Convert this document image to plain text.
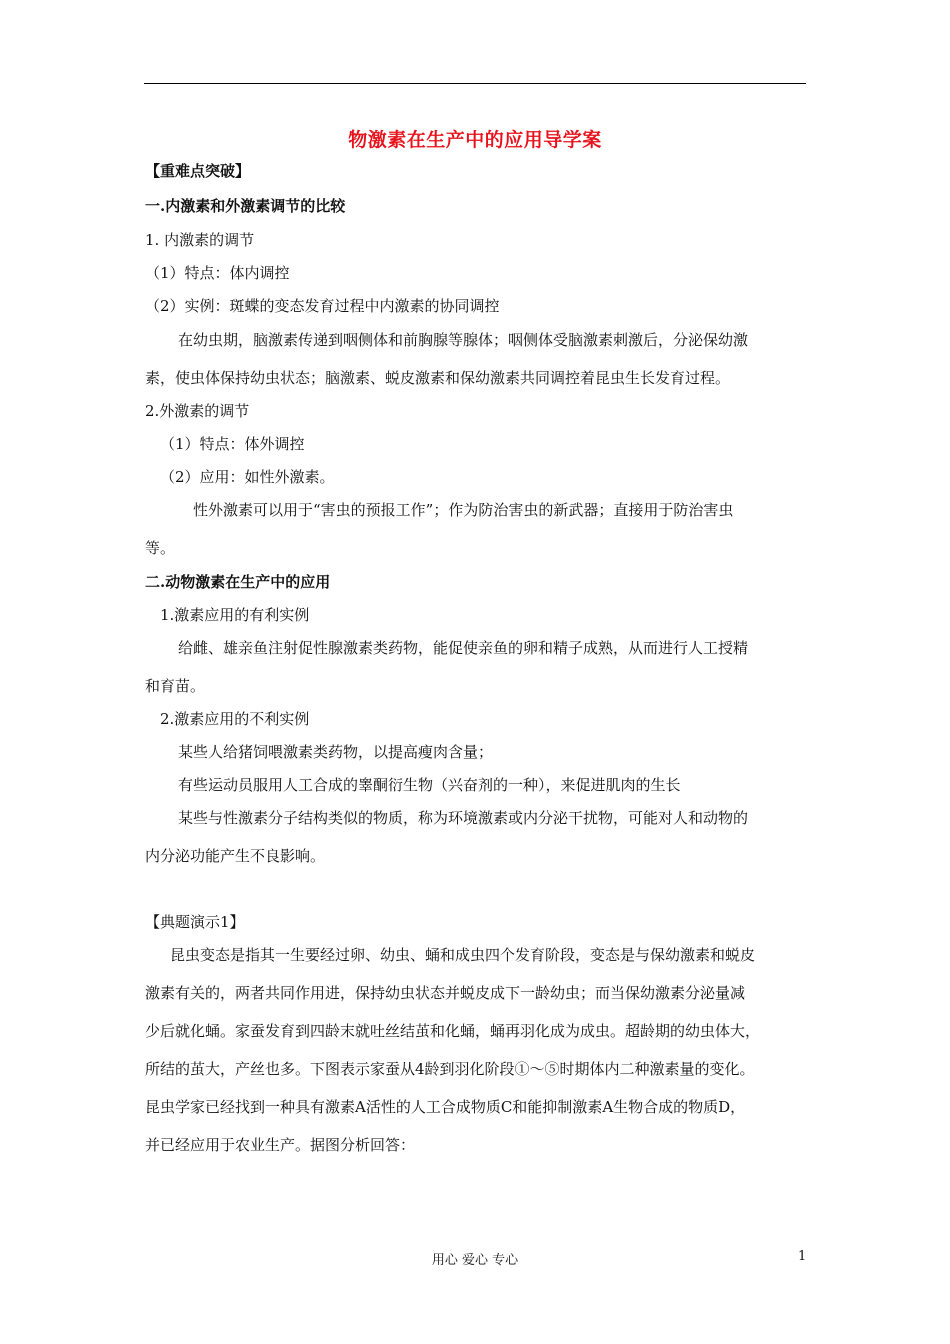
物激素在生产中的应用导学案
【重难点突破】
一.内激素和外激素调节的比较
1. 内激素的调节
（1）特点：体内调控
（2）实例：斑蝶的变态发育过程中内激素的协同调控
在幼虫期，脑激素传递到咽侧体和前胸腺等腺体；咽侧体受脑激素刺激后，分泌保幼激
素，使虫体保持幼虫状态；脑激素、蜕皮激素和保幼激素共同调控着昆虫生长发育过程。
2.外激素的调节
（1）特点：体外调控
（2）应用：如性外激素。
性外激素可以用于“害虫的预报工作”；作为防治害虫的新武器；直接用于防治害虫
等。
二.动物激素在生产中的应用
1.激素应用的有利实例
给雌、雄亲鱼注射促性腺激素类药物，能促使亲鱼的卵和精子成熟，从而进行人工授精
和育苗。
2.激素应用的不利实例
某些人给猪饲喂激素类药物，以提高瘦肉含量；
有些运动员服用人工合成的睾酮衍生物（兴奋剂的一种），来促进肌肉的生长
某些与性激素分子结构类似的物质，称为环境激素或内分泌干扰物，可能对人和动物的
内分泌功能产生不良影响。
【典题演示1】
昆虫变态是指其一生要经过卵、幼虫、蛹和成虫四个发育阶段，变态是与保幼激素和蜕皮
激素有关的，两者共同作用进，保持幼虫状态并蜕皮成下一龄幼虫；而当保幼激素分泌量减
少后就化蛹。家蚕发育到四龄末就吐丝结茧和化蛹，蛹再羽化成为成虫。超龄期的幼虫体大，
所结的茧大，产丝也多。下图表示家蚕从4龄到羽化阶段①～⑤时期体内二种激素量的变化。
昆虫学家已经找到一种具有激素A活性的人工合成物质C和能抑制激素A生物合成的物质D，
并已经应用于农业生产。据图分析回答：
用心 爱心 专心	1
